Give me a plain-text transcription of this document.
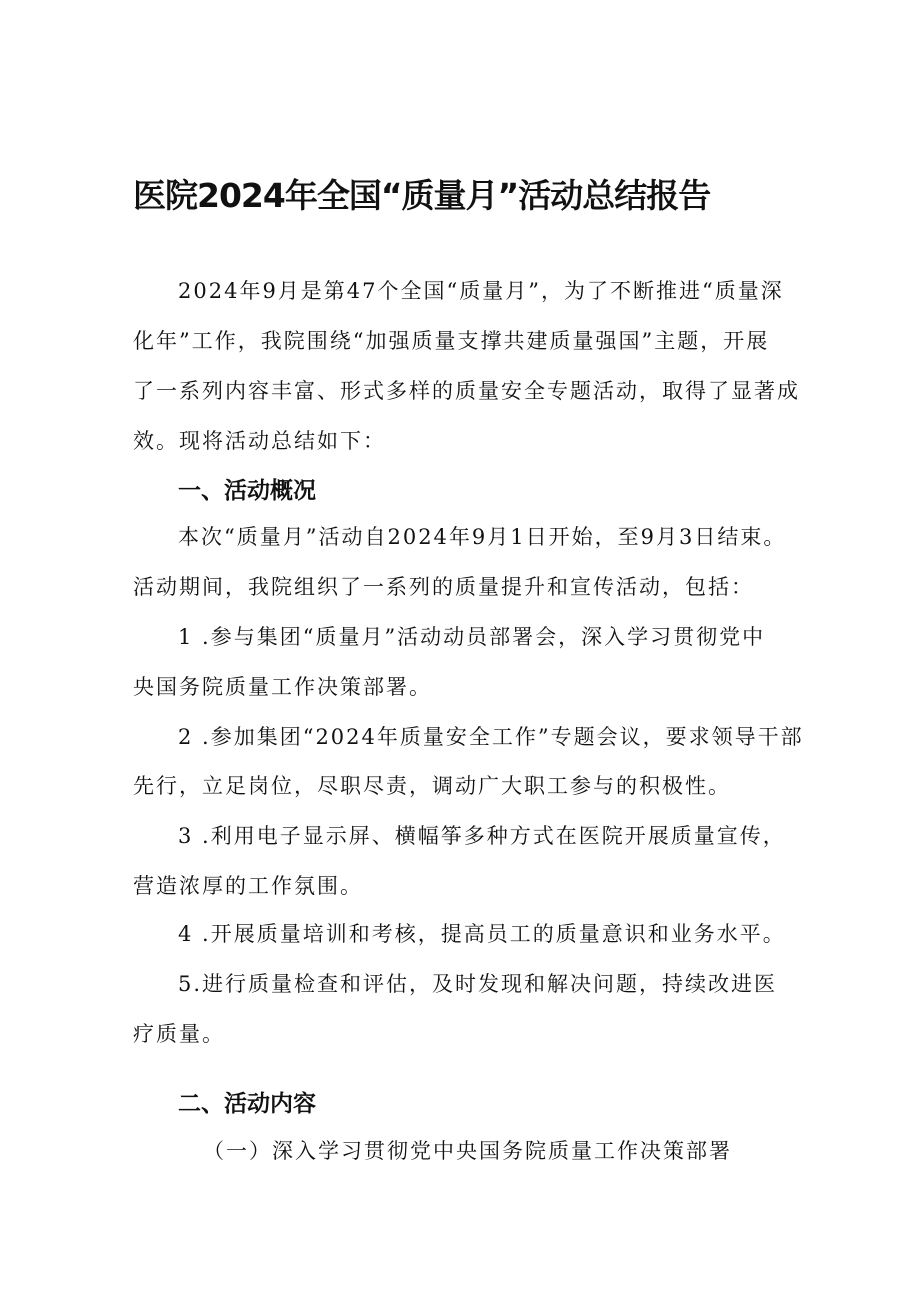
医院2024年全国“质量月”活动总结报告

2024年9月是第47个全国“质量月”，为了不断推进“质量深

化年”工作，我院围绕“加强质量支撑共建质量强国”主题，开展

了一系列内容丰富、形式多样的质量安全专题活动，取得了显著成

效。现将活动总结如下：

一、活动概况

本次“质量月”活动自2024年9月1日开始，至9月3日结束。

活动期间，我院组织了一系列的质量提升和宣传活动，包括：

1 .参与集团“质量月”活动动员部署会，深入学习贯彻党中

央国务院质量工作决策部署。

2 .参加集团“2024年质量安全工作”专题会议，要求领导干部

先行，立足岗位，尽职尽责，调动广大职工参与的积极性。

3 .利用电子显示屏、横幅筝多种方式在医院开展质量宣传，

营造浓厚的工作氛围。

4 .开展质量培训和考核，提高员工的质量意识和业务水平。

5.进行质量检查和评估，及时发现和解决问题，持续改进医

疗质量。

二、活动内容

（一）深入学习贯彻党中央国务院质量工作决策部署
